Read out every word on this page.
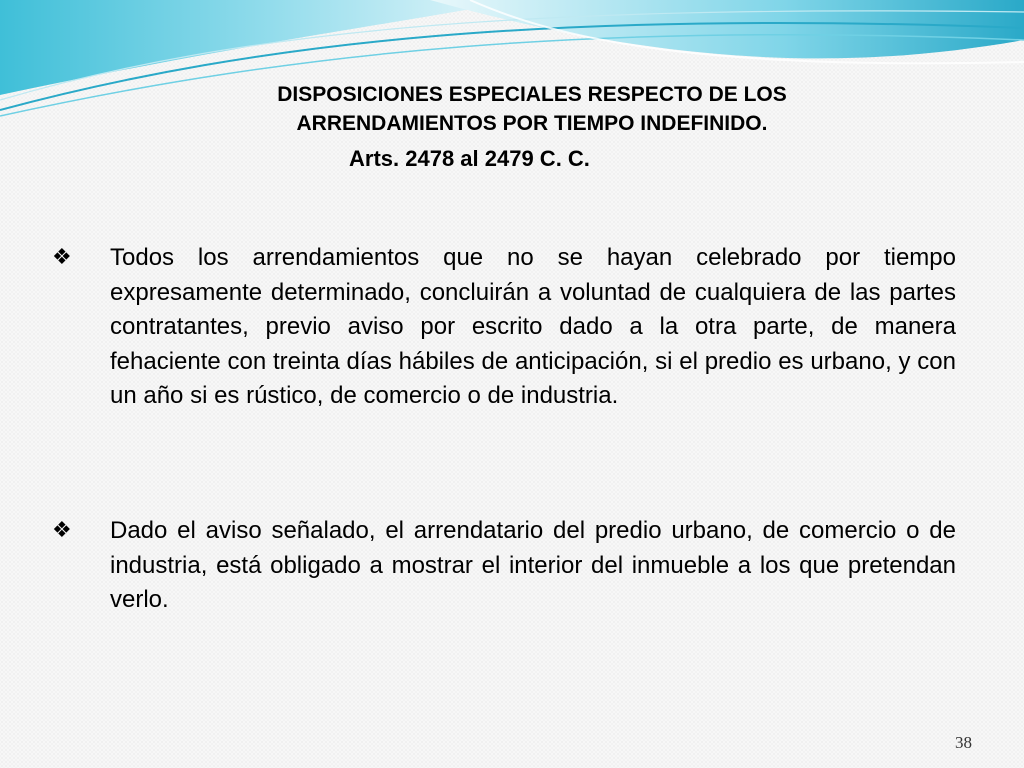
DISPOSICIONES ESPECIALES RESPECTO DE LOS
ARRENDAMIENTOS POR TIEMPO INDEFINIDO.
Arts. 2478 al 2479 C. C.
❖	Todos los arrendamientos que no se hayan celebrado por tiempo expresamente determinado, concluirán a voluntad de cualquiera de las partes contratantes, previo aviso por escrito dado a la otra parte, de manera fehaciente con treinta días hábiles de anticipación, si el predio es urbano, y con un año si es rústico, de comercio o de industria.

❖	Dado el aviso señalado, el arrendatario del predio urbano, de comercio o de industria, está obligado a mostrar el interior del inmueble a los que pretendan verlo.

38
